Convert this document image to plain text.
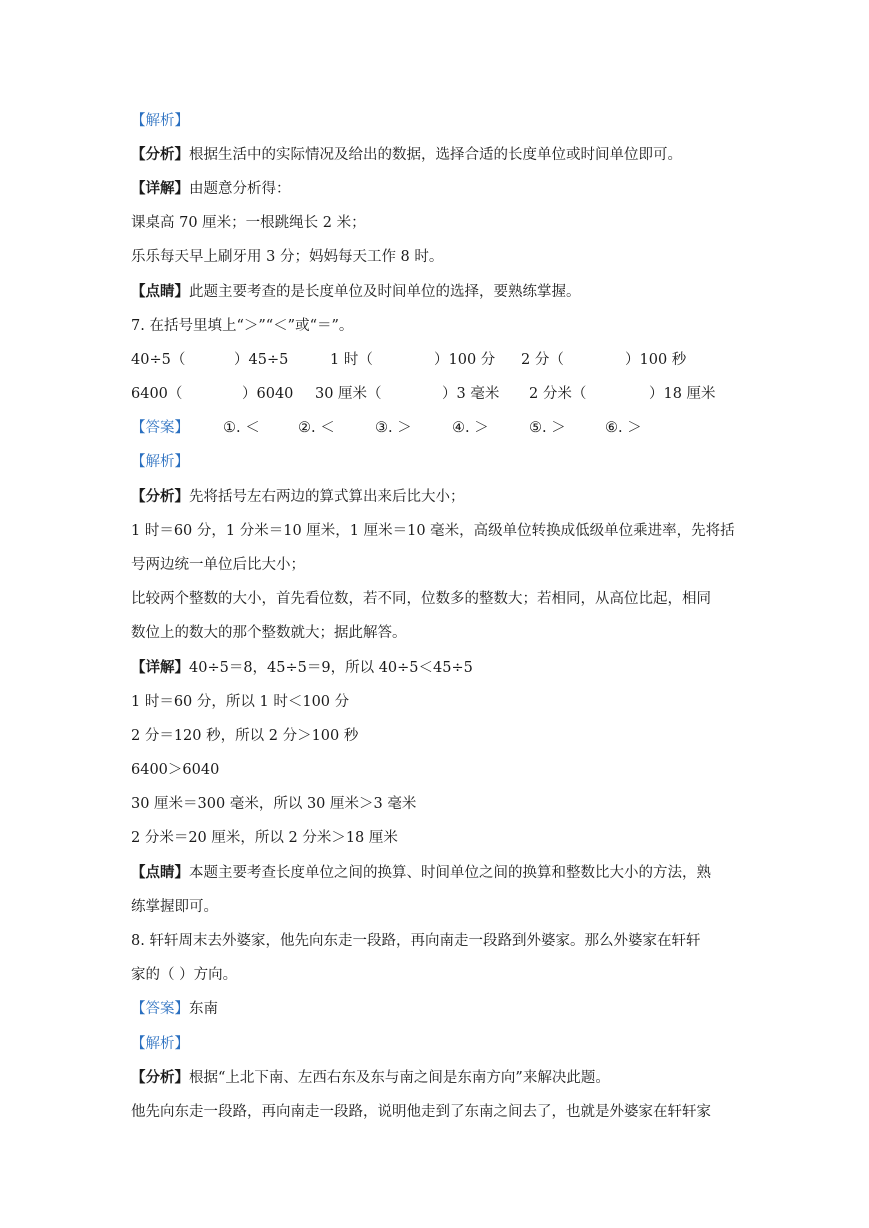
【解析】
【分析】根据生活中的实际情况及给出的数据，选择合适的长度单位或时间单位即可。
【详解】由题意分析得：
课桌高 70 厘米；一根跳绳长 2 米；
乐乐每天早上刷牙用 3 分；妈妈每天工作 8 时。
【点睛】此题主要考查的是长度单位及时间单位的选择，要熟练掌握。
7. 在括号里填上“＞”“＜”或“＝”。
40÷5（	）45÷5	1 时（	）100 分 2 分（	）100 秒
6400（	）6040 30 厘米（	）3 毫米 2 分米（	）18 厘米
【答案】 ①. ＜	②. ＜	③. ＞	④. ＞	⑤. ＞	⑥. ＞
【解析】
【分析】先将括号左右两边的算式算出来后比大小；
1 时＝60 分，1 分米＝10 厘米，1 厘米＝10 毫米，高级单位转换成低级单位乘进率，先将括
号两边统一单位后比大小；
比较两个整数的大小，首先看位数，若不同，位数多的整数大；若相同，从高位比起，相同
数位上的数大的那个整数就大；据此解答。
【详解】40÷5＝8，45÷5＝9，所以 40÷5＜45÷5
1 时＝60 分，所以 1 时＜100 分
2 分＝120 秒，所以 2 分＞100 秒
6400＞6040
30 厘米＝300 毫米，所以 30 厘米＞3 毫米
2 分米＝20 厘米，所以 2 分米＞18 厘米
【点睛】本题主要考查长度单位之间的换算、时间单位之间的换算和整数比大小的方法，熟
练掌握即可。
8. 轩轩周末去外婆家，他先向东走一段路，再向南走一段路到外婆家。那么外婆家在轩轩
家的（ ）方向。
【答案】东南
【解析】
【分析】根据“上北下南、左西右东及东与南之间是东南方向”来解决此题。
他先向东走一段路，再向南走一段路，说明他走到了东南之间去了，也就是外婆家在轩轩家
